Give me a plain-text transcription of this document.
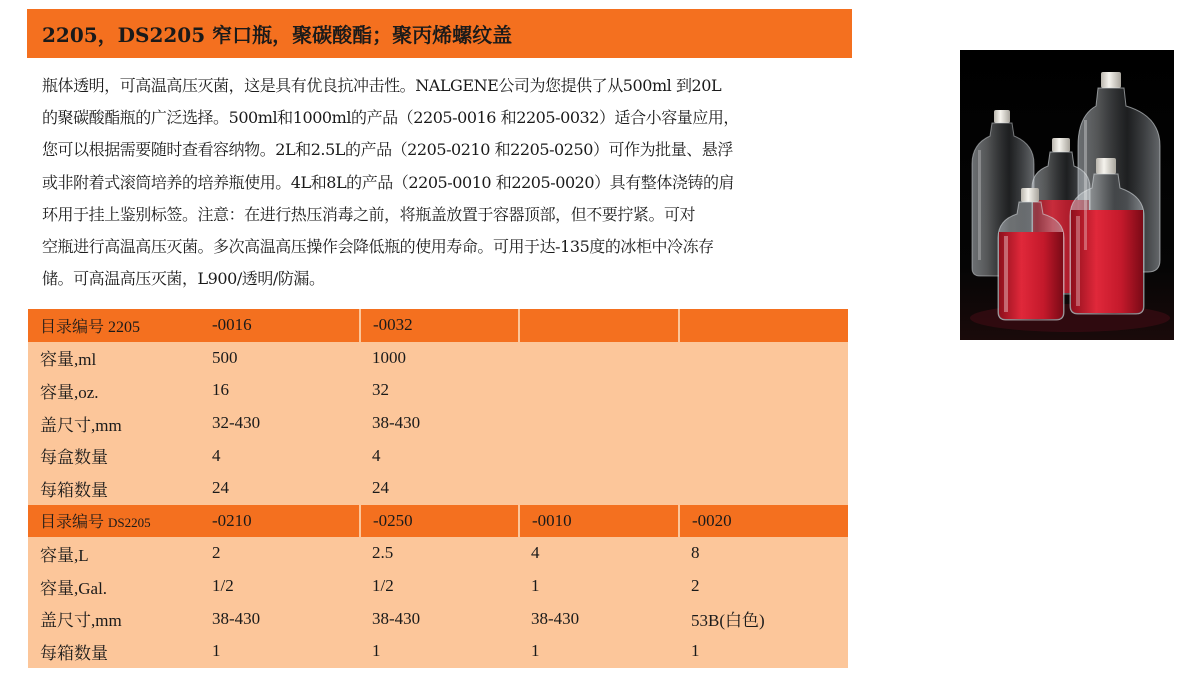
2205，DS2205 窄口瓶，聚碳酸酯；聚丙烯螺纹盖

瓶体透明，可高温高压灭菌，这是具有优良抗冲击性。NALGENE公司为您提供了从500ml 到20L

的聚碳酸酯瓶的广泛选择。500ml和1000ml的产品（2205-0016 和2205-0032）适合小容量应用，

您可以根据需要随时查看容纳物。2L和2.5L的产品（2205-0210 和2205-0250）可作为批量、悬浮

或非附着式滚筒培养的培养瓶使用。4L和8L的产品（2205-0010 和2205-0020）具有整体浇铸的肩

环用于挂上鉴别标签。注意：在进行热压消毒之前，将瓶盖放置于容器顶部，但不要拧紧。可对

空瓶进行高温高压灭菌。多次高温高压操作会降低瓶的使用寿命。可用于达-135度的冰柜中冷冻存

储。可高温高压灭菌，L900/透明/防漏。

目录编号 2205	-0016	-0032		
容量,ml	500	1000		
容量,oz.	16	32		
盖尺寸,mm	32-430	38-430		
每盒数量	4	4		
每箱数量	24	24		
目录编号 DS2205	-0210	-0250	-0010	-0020
容量,L	2	2.5	4	8
容量,Gal.	1/2	1/2	1	2
盖尺寸,mm	38-430	38-430	38-430	53B(白色)
每箱数量	1	1	1	1
